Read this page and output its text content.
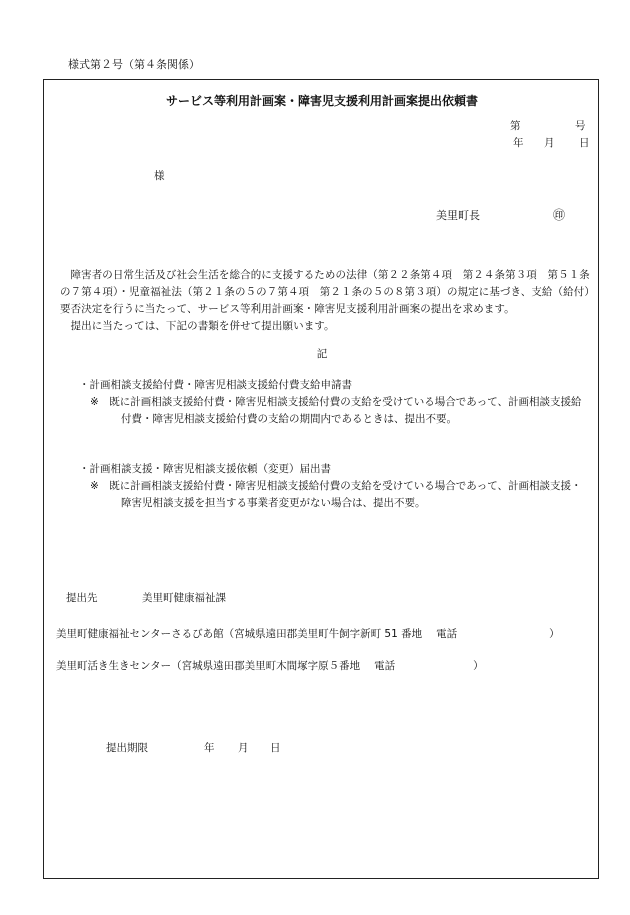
様式第２号（第４条関係）
サービス等利用計画案・障害児支援利用計画案提出依頼書
第	号
年 月 日
様
美里町長	㊞

障害者の日常生活及び社会生活を総合的に支援するための法律（第２２条第４項　第２４条第３項　第５１条の７第４項）・児童福祉法（第２１条の５の７第４項　第２１条の５の８第３項）の規定に基づき、支給（給付）要否決定を行うに当たって、サービス等利用計画案・障害児支援利用計画案の提出を求めます。

提出に当たっては、下記の書類を併せて提出願います。

記
・計画相談支援給付費・障害児相談支援給付費支給申請書
※　既に計画相談支援給付費・障害児相談支援給付費の支給を受けている場合であって、計画相談支援給付費・障害児相談支援給付費の支給の期間内であるときは、提出不要。
・計画相談支援・障害児相談支援依頼（変更）届出書
※　既に計画相談支援給付費・障害児相談支援給付費の支給を受けている場合であって、計画相談支援・障害児相談支援を担当する事業者変更がない場合は、提出不要。
提出先	美里町健康福祉課
美里町健康福祉センターさるびあ館（宮城県遠田郡美里町牛飼字新町 51 番地 電話	）
美里町活き生きセンター（宮城県遠田郡美里町木間塚字原５番地 電話	）
提出期限	年 月 日
